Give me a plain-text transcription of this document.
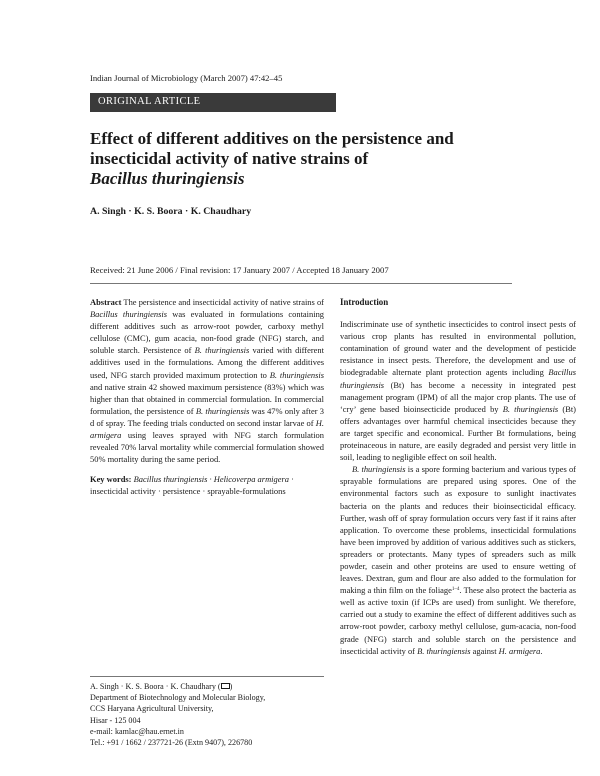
Indian Journal of Microbiology (March 2007) 47:42–45
ORIGINAL ARTICLE
Effect of different additives on the persistence and
insecticidal activity of native strains of
Bacillus thuringiensis
A. Singh · K. S. Boora · K. Chaudhary
Received: 21 June 2006 / Final revision: 17 January 2007 / Accepted 18 January 2007

Abstract The persistence and insecticidal activity of native strains of Bacillus thuringiensis was evaluated in formulations containing different additives such as arrow-root powder, carboxy methyl cellulose (CMC), gum acacia, non-food grade (NFG) starch, and soluble starch. Persistence of B. thuringiensis varied with different additives used in the formulations. Among the different additives used, NFG starch provided maximum protection to B. thuringiensis and native strain 42 showed maximum persistence (83%) which was higher than that obtained in commercial formulation. In commercial formulation, the persistence of B. thuringiensis was 47% only after 3 d of spray. The feeding trials conducted on second instar larvae of H. armigera using leaves sprayed with NFG starch formulation revealed 70% larval mortality while commercial formulation showed 50% mortality during the same period.

Key words: Bacillus thuringiensis · Helicoverpa armigera · insecticidal activity · persistence · sprayable-formulations

A. Singh · K. S. Boora · K. Chaudhary ( )
Department of Biotechnology and Molecular Biology,
CCS Haryana Agricultural University,
Hisar - 125 004
e-mail: kamlac@hau.ernet.in
Tel.: +91 / 1662 / 237721-26 (Extn 9407), 226780

Introduction

Indiscriminate use of synthetic insecticides to control insect pests of various crop plants has resulted in environmental pollution, contamination of ground water and the development of pesticide resistance in insect pests. Therefore, the development and use of biodegradable alternate plant protection agents including Bacillus thuringiensis (Bt) has become a necessity in integrated pest management program (IPM) of all the major crop plants. The use of ‘cry’ gene based bioinsecticide produced by B. thuringiensis (Bt) offers advantages over harmful chemical insecticides because they are target specific and economical. Further Bt formulations, being proteinaceous in nature, are easily degraded and persist very little in soil, leading to negligible effect on soil health.

B. thuringiensis is a spore forming bacterium and various types of sprayable formulations are prepared using spores. One of the environmental factors such as exposure to sunlight inactivates bacteria on the plants and reduces their bioinsecticidal efficacy. Further, wash off of spray formulation occurs very fast if it rains after application. To overcome these problems, insecticidal formulations have been improved by addition of various additives such as stickers, spreaders or protectants. Many types of spreaders such as milk powder, casein and other proteins are used to ensure wetting of leaves. Dextran, gum and flour are also added to the formulation for making a thin film on the foliage$^{1-4}$. These also protect the bacteria as well as active toxin (if ICPs are used) from sunlight. We therefore, carried out a study to examine the effect of different additives such as arrow-root powder, carboxy methyl cellulose, gum-acacia, non-food grade (NFG) starch and soluble starch on the persistence and insecticidal activity of B. thuringiensis against H. armigera.
